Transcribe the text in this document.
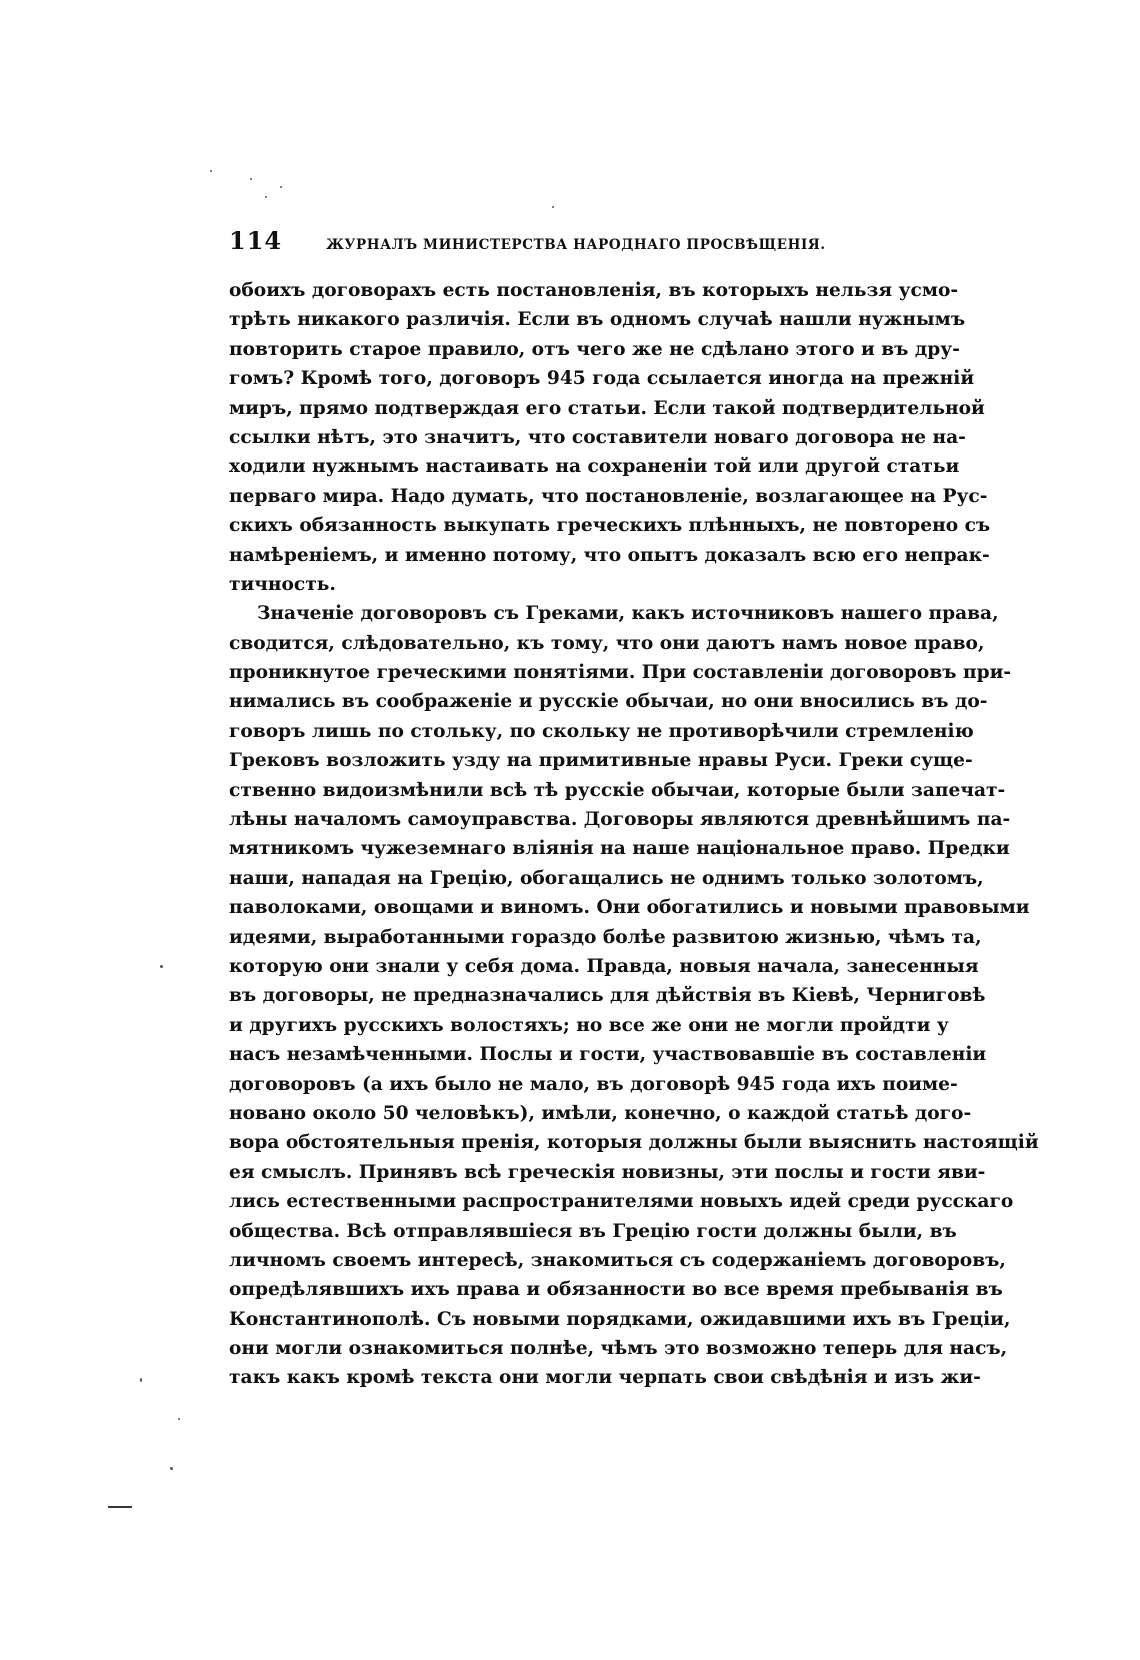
114	ЖУРНАЛЪ МИНИСТЕРСТВА НАРОДНАГО ПРОСВѢЩЕНІЯ.
обоихъ договорахъ есть постановленія, въ которыхъ нельзя усмо-
трѣть никакого различія. Если въ одномъ случаѣ нашли нужнымъ
повторить старое правило, отъ чего же не сдѣлано этого и въ дру-
гомъ? Кромѣ того, договоръ 945 года ссылается иногда на прежній
миръ, прямо подтверждая его статьи. Если такой подтвердительной
ссылки нѣтъ, это значитъ, что составители новаго договора не на-
ходили нужнымъ настаивать на сохраненіи той или другой статьи
перваго мира. Надо думать, что постановленіе, возлагающее на Рус-
скихъ обязанность выкупать греческихъ плѣнныхъ, не повторено съ
намѣреніемъ, и именно потому, что опытъ доказалъ всю его непрак-
тичность.
Значеніе договоровъ съ Греками, какъ источниковъ нашего права,
сводится, слѣдовательно, къ тому, что они даютъ намъ новое право,
проникнутое греческими понятіями. При составленіи договоровъ при-
нимались въ соображеніе и русскіе обычаи, но они вносились въ до-
говоръ лишь по стольку, по скольку не противорѣчили стремленію
Грековъ возложить узду на примитивные нравы Руси. Греки суще-
ственно видоизмѣнили всѣ тѣ русскіе обычаи, которые были запечат-
лѣны началомъ самоуправства. Договоры являются древнѣйшимъ па-
мятникомъ чужеземнаго вліянія на наше національное право. Предки
наши, нападая на Грецію, обогащались не однимъ только золотомъ,
паволоками, овощами и виномъ. Они обогатились и новыми правовыми
идеями, выработанными гораздо болѣе развитою жизнью, чѣмъ та,
которую они знали у себя дома. Правда, новыя начала, занесенныя
въ договоры, не предназначались для дѣйствія въ Кіевѣ, Черниговѣ
и другихъ русскихъ волостяхъ; но все же они не могли пройдти у
насъ незамѣченными. Послы и гости, участвовавшіе въ составленіи
договоровъ (а ихъ было не мало, въ договорѣ 945 года ихъ поиме-
новано около 50 человѣкъ), имѣли, конечно, о каждой статьѣ дого-
вора обстоятельныя пренія, которыя должны были выяснить настоящій
ея смыслъ. Принявъ всѣ греческія новизны, эти послы и гости яви-
лись естественными распространителями новыхъ идей среди русскаго
общества. Всѣ отправлявшіеся въ Грецію гости должны были, въ
личномъ своемъ интересѣ, знакомиться съ содержаніемъ договоровъ,
опредѣлявшихъ ихъ права и обязанности во все время пребыванія въ
Константинополѣ. Съ новыми порядками, ожидавшими ихъ въ Греціи,
они могли ознакомиться полнѣе, чѣмъ это возможно теперь для насъ,
такъ какъ кромѣ текста они могли черпать свои свѣдѣнія и изъ жи-
